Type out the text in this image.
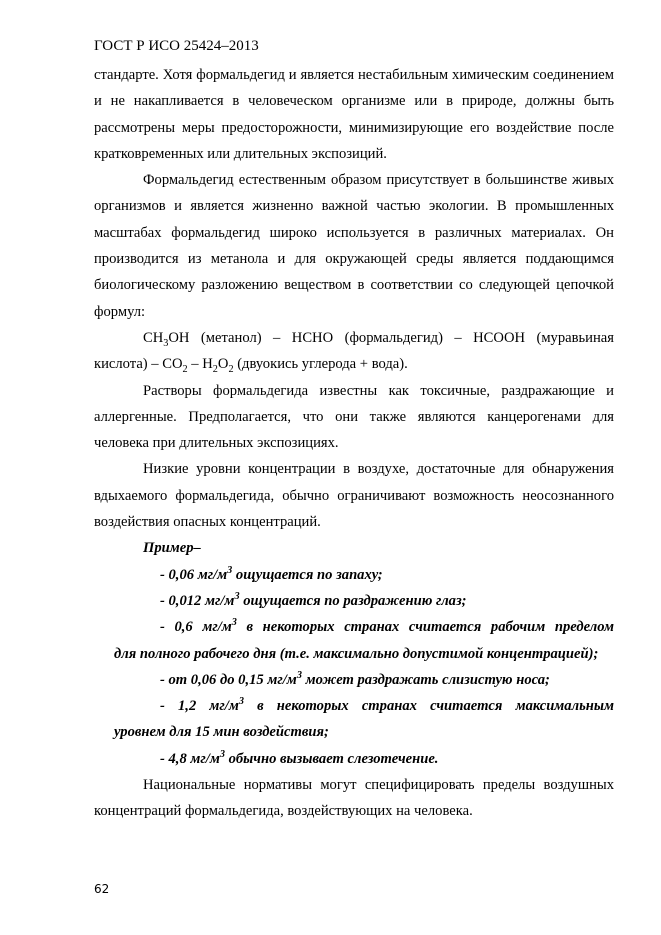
ГОСТ Р ИСО 25424–2013

стандарте. Хотя формальдегид и является нестабильным химическим соединением и не накапливается в человеческом организме или в природе, должны быть рассмотрены меры предосторожности, минимизирующие его воздействие после кратковременных или длительных экспозиций.

Формальдегид естественным образом присутствует в большинстве живых организмов и является жизненно важной частью экологии. В промышленных масштабах формальдегид широко используется в различных материалах. Он производится из метанола и для окружающей среды является поддающимся биологическому разложению веществом в соответствии со следующей цепочкой формул:

$CH_3OH$ (метанол) – HCHO (формальдегид) – HCOOH (муравьиная кислота) – $CO_2 - H_2O_2$ (двуокись углерода + вода).

Растворы формальдегида известны как токсичные, раздражающие и аллергенные. Предполагается, что они также являются канцерогенами для человека при длительных экспозициях.

Низкие уровни концентрации в воздухе, достаточные для обнаружения вдыхаемого формальдегида, обычно ограничивают возможность неосознанного воздействия опасных концентраций.

Пример–

- 0,06 $мг/м^3$ ощущается по запаху;

- 0,012 $мг/м^3$ ощущается по раздражению глаз;

- 0,6 $мг/м^3$ в некоторых странах считается рабочим пределом

для полного рабочего дня (т.е. максимально допустимой концентрацией);

- от 0,06 до 0,15 $мг/м^3$ может раздражать слизистую носа;

- 1,2 $мг/м^3$ в некоторых странах считается максимальным

уровнем для 15 мин воздействия;

- 4,8 $мг/м^3$ обычно вызывает слезотечение.

Национальные нормативы могут специфицировать пределы воздушных концентраций формальдегида, воздействующих на человека.

62
